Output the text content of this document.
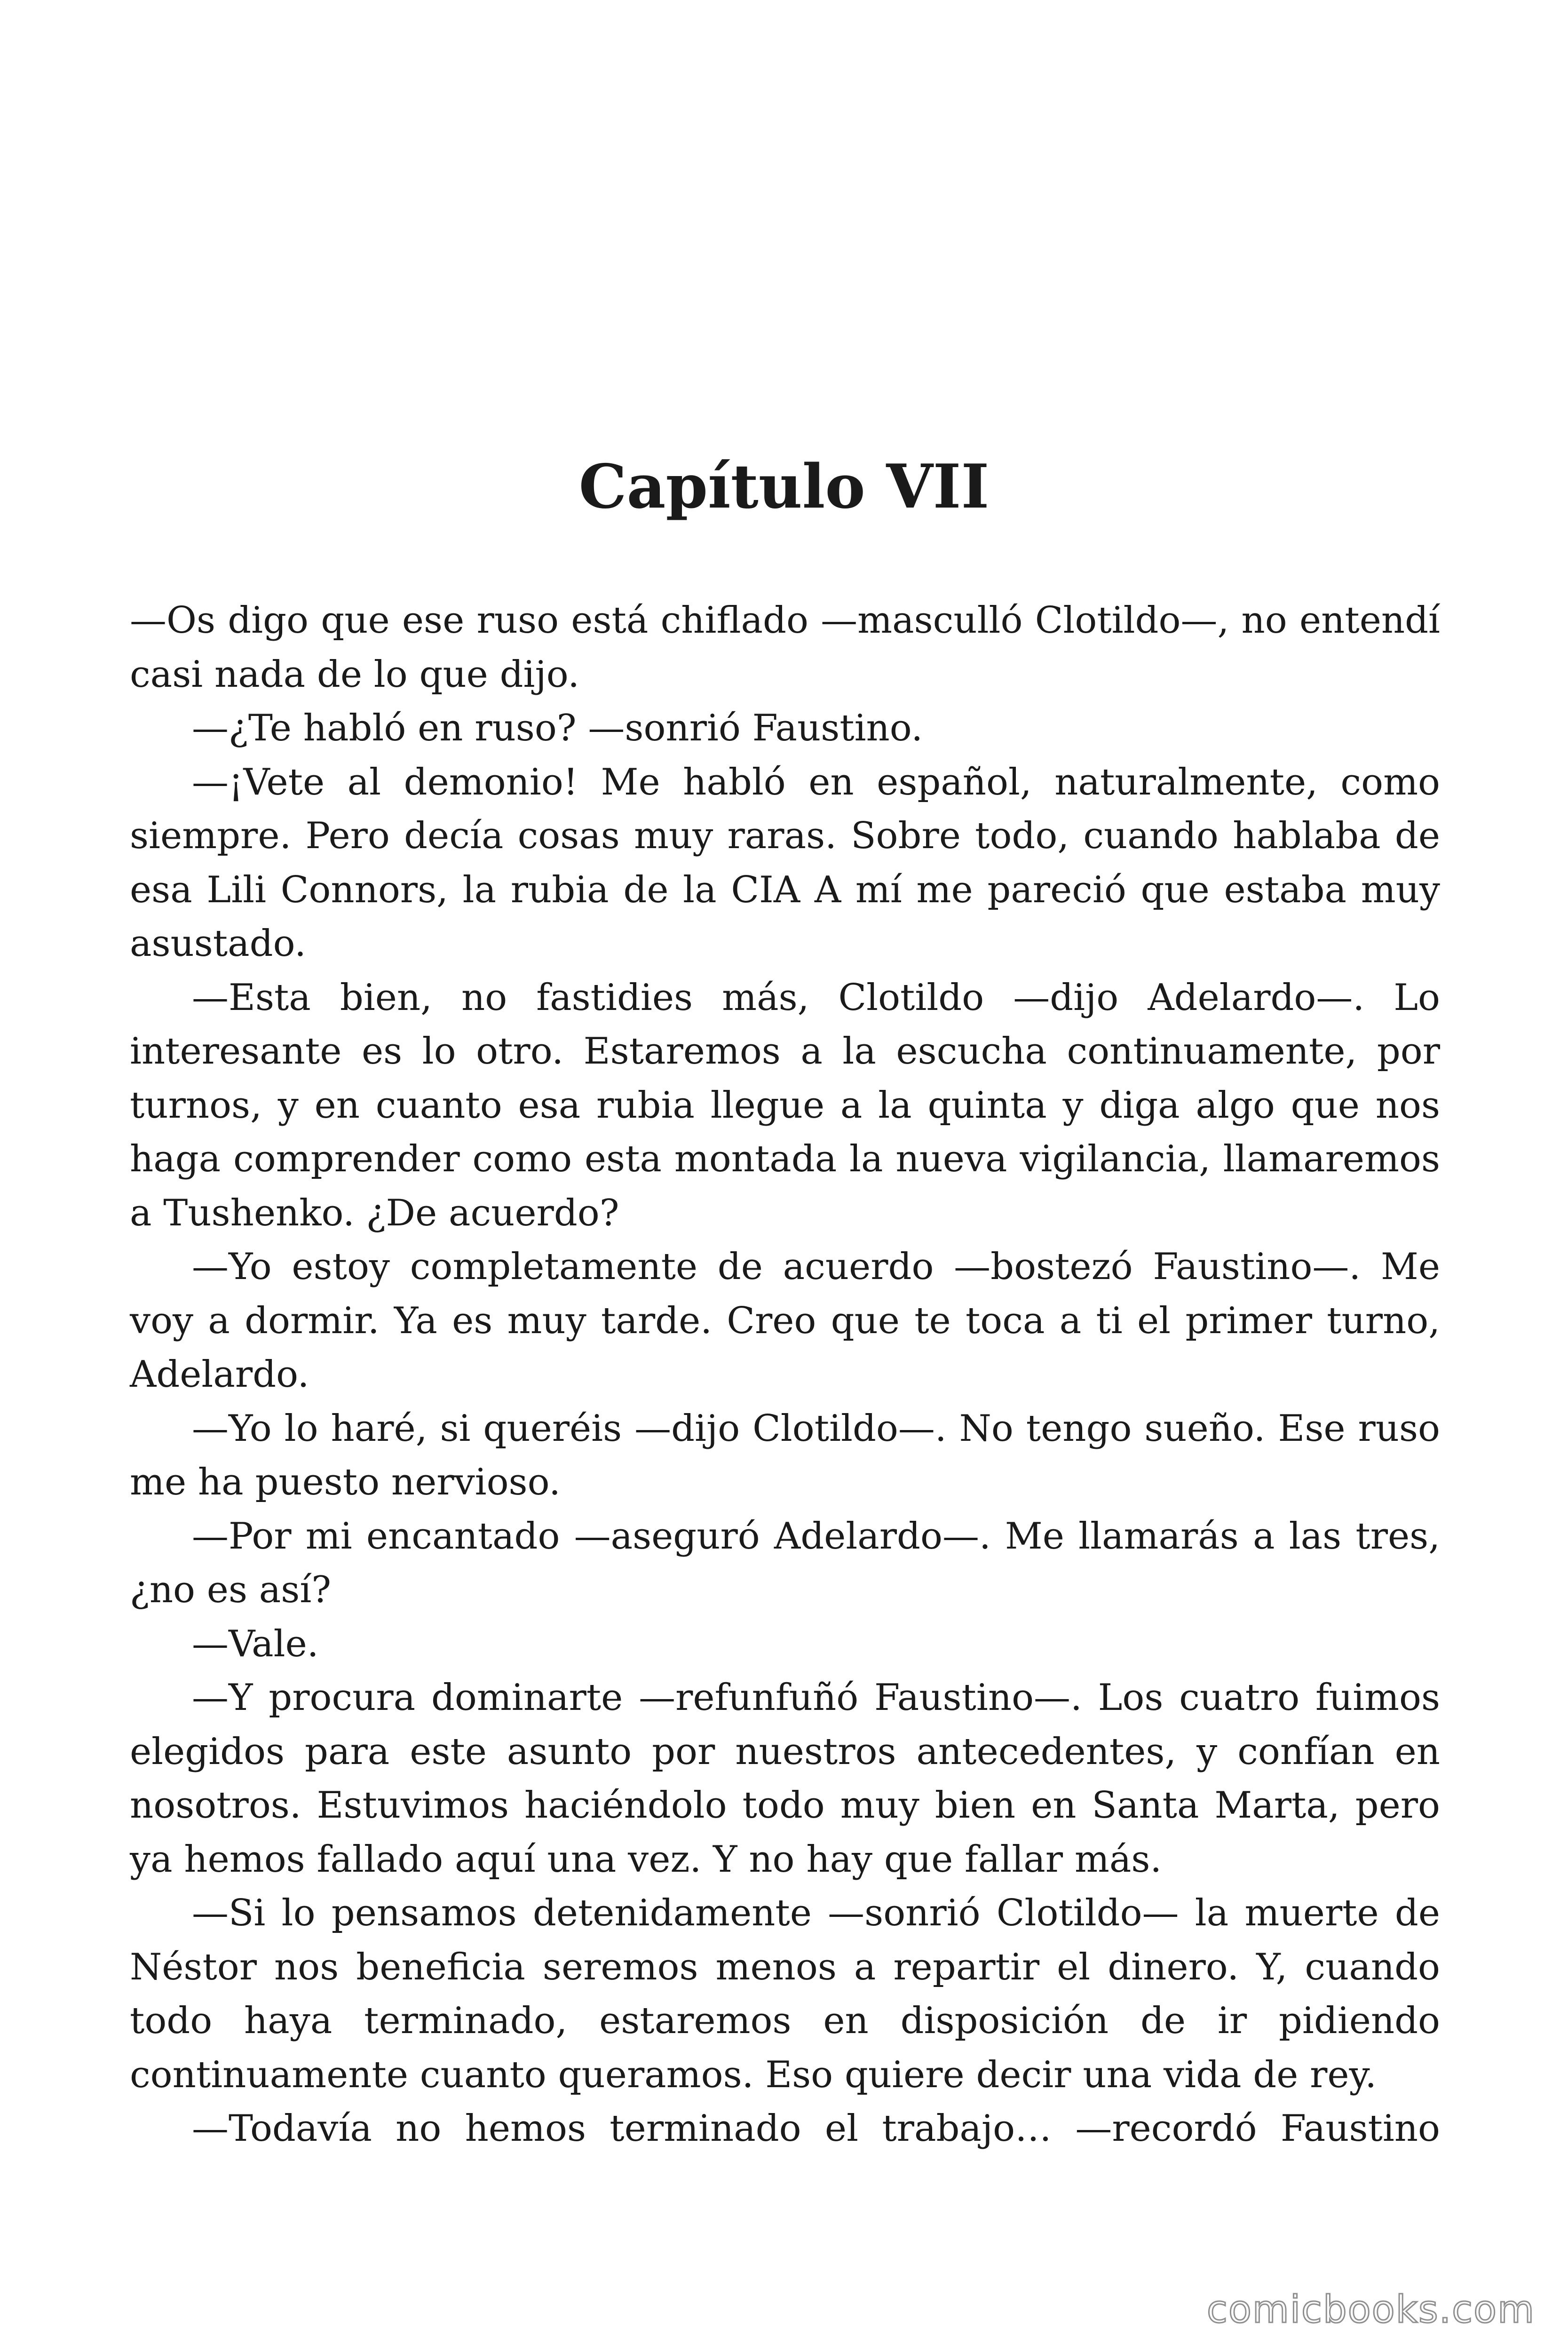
Capítulo VII

—Os digo que ese ruso está chiflado —masculló Clotildo—, no entendí casi nada de lo que dijo.

—¿Te habló en ruso? —sonrió Faustino.

—¡Vete al demonio! Me habló en español, naturalmente, como siempre. Pero decía cosas muy raras. Sobre todo, cuando hablaba de esa Lili Connors, la rubia de la CIA A mí me pareció que estaba muy asustado.

—Esta bien, no fastidies más, Clotildo —dijo Adelardo—. Lo interesante es lo otro. Estaremos a la escucha continuamente, por turnos, y en cuanto esa rubia llegue a la quinta y diga algo que nos haga comprender como esta montada la nueva vigilancia, llamaremos a Tushenko. ¿De acuerdo?

—Yo estoy completamente de acuerdo —bostezó Faustino—. Me voy a dormir. Ya es muy tarde. Creo que te toca a ti el primer turno, Adelardo.

—Yo lo haré, si queréis —dijo Clotildo—. No tengo sueño. Ese ruso me ha puesto nervioso.

—Por mi encantado —aseguró Adelardo—. Me llamarás a las tres, ¿no es así?

—Vale.

—Y procura dominarte —refunfuñó Faustino—. Los cuatro fuimos elegidos para este asunto por nuestros antecedentes, y confían en nosotros. Estuvimos haciéndolo todo muy bien en Santa Marta, pero ya hemos fallado aquí una vez. Y no hay que fallar más.

—Si lo pensamos detenidamente —sonrió Clotildo— la muerte de Néstor nos beneficia seremos menos a repartir el dinero. Y, cuando todo haya terminado, estaremos en disposición de ir pidiendo continuamente cuanto queramos. Eso quiere decir una vida de rey.

—Todavía no hemos terminado el trabajo… —recordó Faustino

comicbooks.com
